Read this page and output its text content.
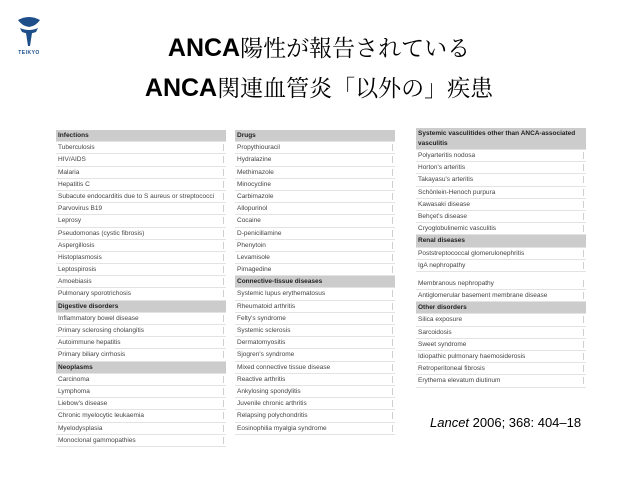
TEIKYO	ANCA陽性が報告されている
ANCA関連血管炎「以外の」疾患
Infections
Tuberculosis
HIV/AIDS
Malaria
Hepatitis C
Subacute endocarditis due to S aureus or streptococci
Parvovirus B19
Leprosy
Pseudomonas (cystic fibrosis)
Aspergillosis
Histoplasmosis
Leptospirosis
Amoebiasis
Pulmonary sporotrichosis
Digestive disorders
Inflammatory bowel disease
Primary sclerosing cholangitis
Autoimmune hepatitis
Primary biliary cirrhosis
Neoplasms
Carcinoma
Lymphoma
Liebow's disease
Chronic myelocytic leukaemia
Myelodysplasia
Monoclonal gammopathies
Drugs
Propythiouracil
Hydralazine
Methimazole
Minocycline
Carbimazole
Allopurinol
Cocaine
D-penicillamine
Phenytoin
Levamisole
Pimagedine
Connective-tissue diseases
Systemic lupus erythematosus
Rheumatoid arthritis
Felty's syndrome
Systemic sclerosis
Dermatomyositis
Sjogren's syndrome
Mixed connective tissue disease
Reactive arthritis
Ankylosing spondylitis
Juvenile chronic arthritis
Relapsing polychondritis
Eosinophilia myalgia syndrome
Systemic vasculitides other than ANCA-associated vasculitis
Polyarteritis nodosa
Horton's arteritis
Takayasu's arteritis
Schönlein-Henoch purpura
Kawasaki disease
Behçet's disease
Cryoglobulinemic vasculitis
Renal diseases
Poststreptococcal glomerulonephritis
IgA nephropathy
Membranous nephropathy
Antiglomerular basement membrane disease
Other disorders
Silica exposure
Sarcoidosis
Sweet syndrome
Idiopathic pulmonary haemosiderosis
Retroperitoneal fibrosis
Erythema elevatum diutinum
Lancet 2006; 368: 404–18
